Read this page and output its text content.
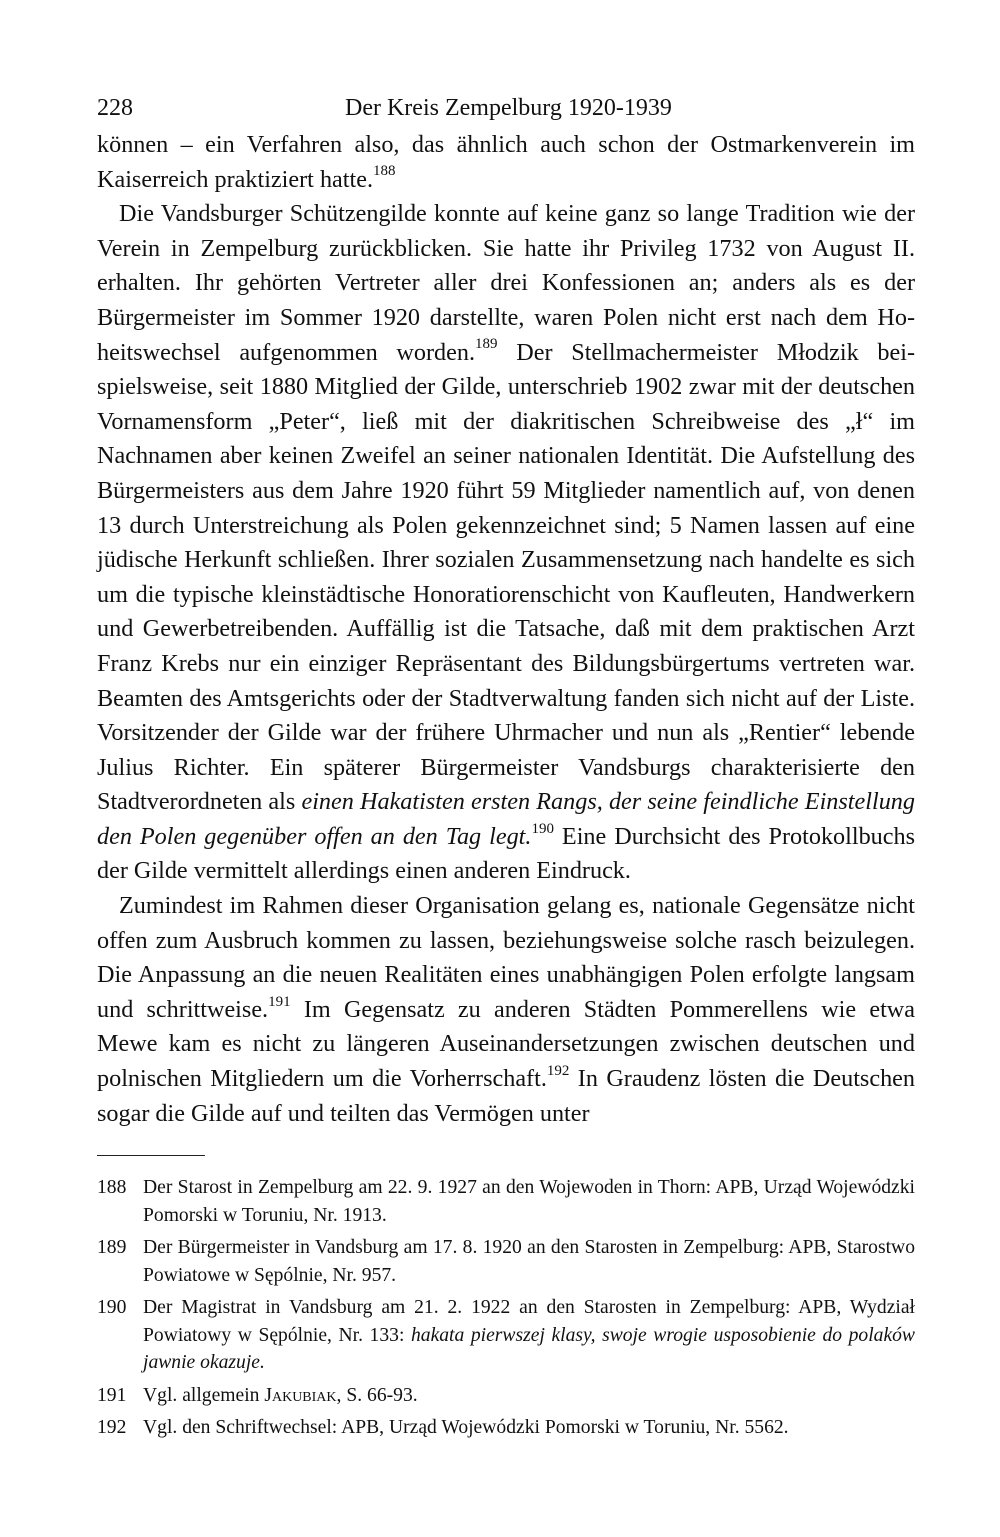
228	Der Kreis Zempelburg 1920-1939

können – ein Verfahren also, das ähnlich auch schon der Ostmarkenverein im Kaiserreich praktiziert hatte.$^{188}$

Die Vandsburger Schützengilde konnte auf keine ganz so lange Tradition wie der Verein in Zempelburg zurückblicken. Sie hatte ihr Privileg 1732 von August II. erhalten. Ihr gehörten Vertreter aller drei Konfessionen an; anders als es der Bürgermeister im Sommer 1920 darstellte, waren Polen nicht erst nach dem Hoheitswechsel aufgenommen worden.$^{189}$ Der Stellmachermeister Młodzik beispielsweise, seit 1880 Mitglied der Gilde, unterschrieb 1902 zwar mit der deutschen Vornamensform „Peter“, ließ mit der diakritischen Schreibweise des „ł“ im Nachnamen aber keinen Zweifel an seiner nationalen Identität. Die Aufstellung des Bürgermeisters aus dem Jahre 1920 führt 59 Mitglieder namentlich auf, von denen 13 durch Unterstreichung als Polen gekennzeichnet sind; 5 Namen lassen auf eine jüdische Herkunft schließen. Ihrer sozialen Zusammensetzung nach handelte es sich um die typische kleinstädtische Honoratiorenschicht von Kaufleuten, Handwerkern und Gewerbetreibenden. Auffällig ist die Tatsache, daß mit dem praktischen Arzt Franz Krebs nur ein einziger Repräsentant des Bildungsbürgertums vertreten war. Beamten des Amtsgerichts oder der Stadtverwaltung fanden sich nicht auf der Liste. Vorsitzender der Gilde war der frühere Uhrmacher und nun als „Rentier“ lebende Julius Richter. Ein späterer Bürgermeister Vandsburgs charakterisierte den Stadtverordneten als einen Hakatisten ersten Rangs, der seine feindliche Einstellung den Polen gegenüber offen an den Tag legt.$^{190}$ Eine Durchsicht des Protokollbuchs der Gilde vermittelt allerdings einen anderen Eindruck.

Zumindest im Rahmen dieser Organisation gelang es, nationale Gegensätze nicht offen zum Ausbruch kommen zu lassen, beziehungsweise solche rasch beizulegen. Die Anpassung an die neuen Realitäten eines unabhängigen Polen erfolgte langsam und schrittweise.$^{191}$ Im Gegensatz zu anderen Städten Pommerellens wie etwa Mewe kam es nicht zu längeren Auseinandersetzungen zwischen deutschen und polnischen Mitgliedern um die Vorherrschaft.$^{192}$ In Graudenz lösten die Deutschen sogar die Gilde auf und teilten das Vermögen unter

188 Der Starost in Zempelburg am 22. 9. 1927 an den Wojewoden in Thorn: APB, Urząd Wojewódzki Pomorski w Toruniu, Nr. 1913.
189 Der Bürgermeister in Vandsburg am 17. 8. 1920 an den Starosten in Zempelburg: APB, Starostwo Powiatowe w Sępólnie, Nr. 957.
190 Der Magistrat in Vandsburg am 21. 2. 1922 an den Starosten in Zempelburg: APB, Wydział Powiatowy w Sępólnie, Nr. 133: hakata pierwszej klasy, swoje wrogie usposobienie do polaków jawnie okazuje.
191 Vgl. allgemein Jakubiak, S. 66-93.
192 Vgl. den Schriftwechsel: APB, Urząd Wojewódzki Pomorski w Toruniu, Nr. 5562.
